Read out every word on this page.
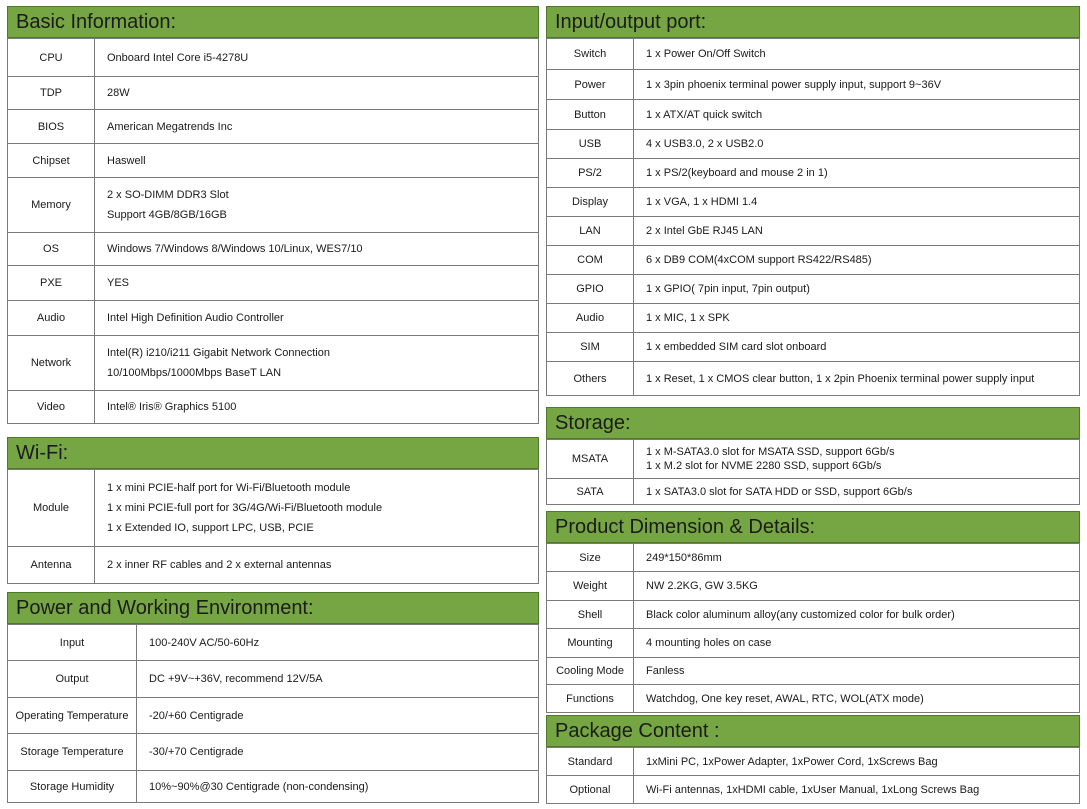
Basic Information:
CPU	Onboard Intel Core i5-4278U

TDP	28W

BIOS	American Megatrends Inc

Chipset	Haswell

Memory	2 x SO-DIMM DDR3 Slot
Support 4GB/8GB/16GB

OS	Windows 7/Windows 8/Windows 10/Linux, WES7/10

PXE	YES

Audio	Intel High Definition Audio Controller

Network	Intel(R) i210/i211 Gigabit Network Connection
10/100Mbps/1000Mbps BaseT LAN

Video	Intel® Iris® Graphics 5100
Wi-Fi:
Module	1 x mini PCIE-half port for Wi-Fi/Bluetooth module
1 x mini PCIE-full port for 3G/4G/Wi-Fi/Bluetooth module
1 x Extended IO, support LPC, USB, PCIE

Antenna	2 x inner RF cables and 2 x external antennas
Power and Working Environment:
Input	100-240V AC/50-60Hz

Output	DC +9V~+36V, recommend 12V/5A

Operating Temperature	-20/+60 Centigrade

Storage Temperature	-30/+70 Centigrade

Storage Humidity	10%~90%@30 Centigrade (non-condensing)
Input/output port:
Switch	1 x Power On/Off Switch

Power	1 x 3pin phoenix terminal power supply input, support 9~36V

Button	1 x ATX/AT quick switch

USB	4 x USB3.0, 2 x USB2.0

PS/2	1 x PS/2(keyboard and mouse 2 in 1)

Display	1 x VGA, 1 x HDMI 1.4

LAN	2 x Intel GbE RJ45 LAN

COM	6 x DB9 COM(4xCOM support RS422/RS485)

GPIO	1 x GPIO( 7pin input, 7pin output)

Audio	1 x MIC, 1 x SPK

SIM	1 x embedded SIM card slot onboard

Others	1 x Reset, 1 x CMOS clear button, 1 x 2pin Phoenix terminal power supply input
Storage:
MSATA	1 x M-SATA3.0 slot for MSATA SSD, support 6Gb/s
1 x M.2 slot for NVME 2280 SSD, support 6Gb/s

SATA	1 x SATA3.0 slot for SATA HDD or SSD, support 6Gb/s
Product Dimension & Details:
Size	249*150*86mm

Weight	NW 2.2KG, GW 3.5KG

Shell	Black color aluminum alloy(any customized color for bulk order)

Mounting	4 mounting holes on case

Cooling Mode	Fanless

Functions	Watchdog, One key reset, AWAL, RTC, WOL(ATX mode)
Package Content :
Standard	1xMini PC, 1xPower Adapter, 1xPower Cord, 1xScrews Bag

Optional	Wi-Fi antennas, 1xHDMI cable, 1xUser Manual, 1xLong Screws Bag
